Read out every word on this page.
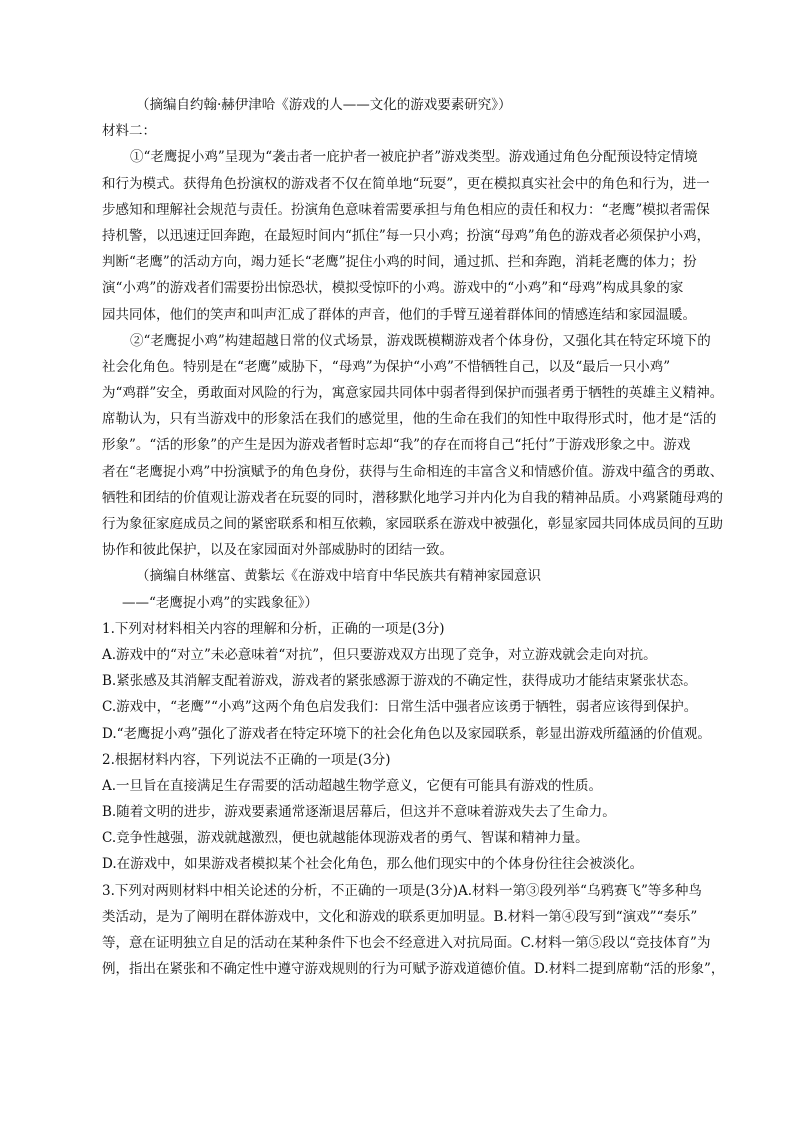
（摘编自约翰·赫伊津哈《游戏的人——文化的游戏要素研究》）
材料二：
①“老鹰捉小鸡”呈现为“袭击者一庇护者一被庇护者”游戏类型。游戏通过角色分配预设特定情境
和行为模式。获得角色扮演权的游戏者不仅在简单地“玩耍”，更在模拟真实社会中的角色和行为，进一
步感知和理解社会规范与责任。扮演角色意味着需要承担与角色相应的责任和权力：“老鹰”模拟者需保
持机警，以迅速迂回奔跑，在最短时间内“抓住”每一只小鸡；扮演“母鸡”角色的游戏者必须保护小鸡，
判断“老鹰”的活动方向，竭力延长“老鹰”捉住小鸡的时间，通过抓、拦和奔跑，消耗老鹰的体力；扮
演“小鸡”的游戏者们需要扮出惊恐状，模拟受惊吓的小鸡。游戏中的“小鸡”和“母鸡”构成具象的家
园共同体，他们的笑声和叫声汇成了群体的声音，他们的手臂互递着群体间的情感连结和家园温暖。
②“老鹰捉小鸡”构建超越日常的仪式场景，游戏既模糊游戏者个体身份，又强化其在特定环境下的
社会化角色。特别是在“老鹰”威胁下，“母鸡”为保护“小鸡”不惜牺牲自己，以及“最后一只小鸡”
为“鸡群”安全，勇敢面对风险的行为，寓意家园共同体中弱者得到保护而强者勇于牺牲的英雄主义精神。
席勒认为，只有当游戏中的形象活在我们的感觉里，他的生命在我们的知性中取得形式时，他才是“活的
形象”。“活的形象”的产生是因为游戏者暂时忘却“我”的存在而将自己“托付”于游戏形象之中。游戏
者在“老鹰捉小鸡”中扮演赋予的角色身份，获得与生命相连的丰富含义和情感价值。游戏中蕴含的勇敢、
牺牲和团结的价值观让游戏者在玩耍的同时，潜移默化地学习并内化为自我的精神品质。小鸡紧随母鸡的
行为象征家庭成员之间的紧密联系和相互依赖，家园联系在游戏中被强化，彰显家园共同体成员间的互助
协作和彼此保护，以及在家园面对外部威胁时的团结一致。
（摘编自林继富、黄紫坛《在游戏中培育中华民族共有精神家园意识
——“老鹰捉小鸡”的实践象征》）
1.下列对材料相关内容的理解和分析，正确的一项是(3分)
A.游戏中的“对立”未必意味着“对抗”，但只要游戏双方出现了竞争，对立游戏就会走向对抗。
B.紧张感及其消解支配着游戏，游戏者的紧张感源于游戏的不确定性，获得成功才能结束紧张状态。
C.游戏中，“老鹰”“小鸡”这两个角色启发我们：日常生活中强者应该勇于牺牲，弱者应该得到保护。
D.“老鹰捉小鸡”强化了游戏者在特定环境下的社会化角色以及家园联系，彰显出游戏所蕴涵的价值观。
2.根据材料内容，下列说法不正确的一项是(3分)
A.一旦旨在直接满足生存需要的活动超越生物学意义，它便有可能具有游戏的性质。
B.随着文明的进步，游戏要素通常逐渐退居幕后，但这并不意味着游戏失去了生命力。
C.竞争性越强，游戏就越激烈，便也就越能体现游戏者的勇气、智谋和精神力量。
D.在游戏中，如果游戏者模拟某个社会化角色，那么他们现实中的个体身份往往会被淡化。
3.下列对两则材料中相关论述的分析，不正确的一项是(3分)A.材料一第③段列举“乌鸦赛飞”等多种鸟
类活动，是为了阐明在群体游戏中，文化和游戏的联系更加明显。B.材料一第④段写到“演戏”“奏乐”
等，意在证明独立自足的活动在某种条件下也会不经意进入对抗局面。C.材料一第⑤段以“竞技体育”为
例，指出在紧张和不确定性中遵守游戏规则的行为可赋予游戏道德价值。D.材料二提到席勒“活的形象”，
